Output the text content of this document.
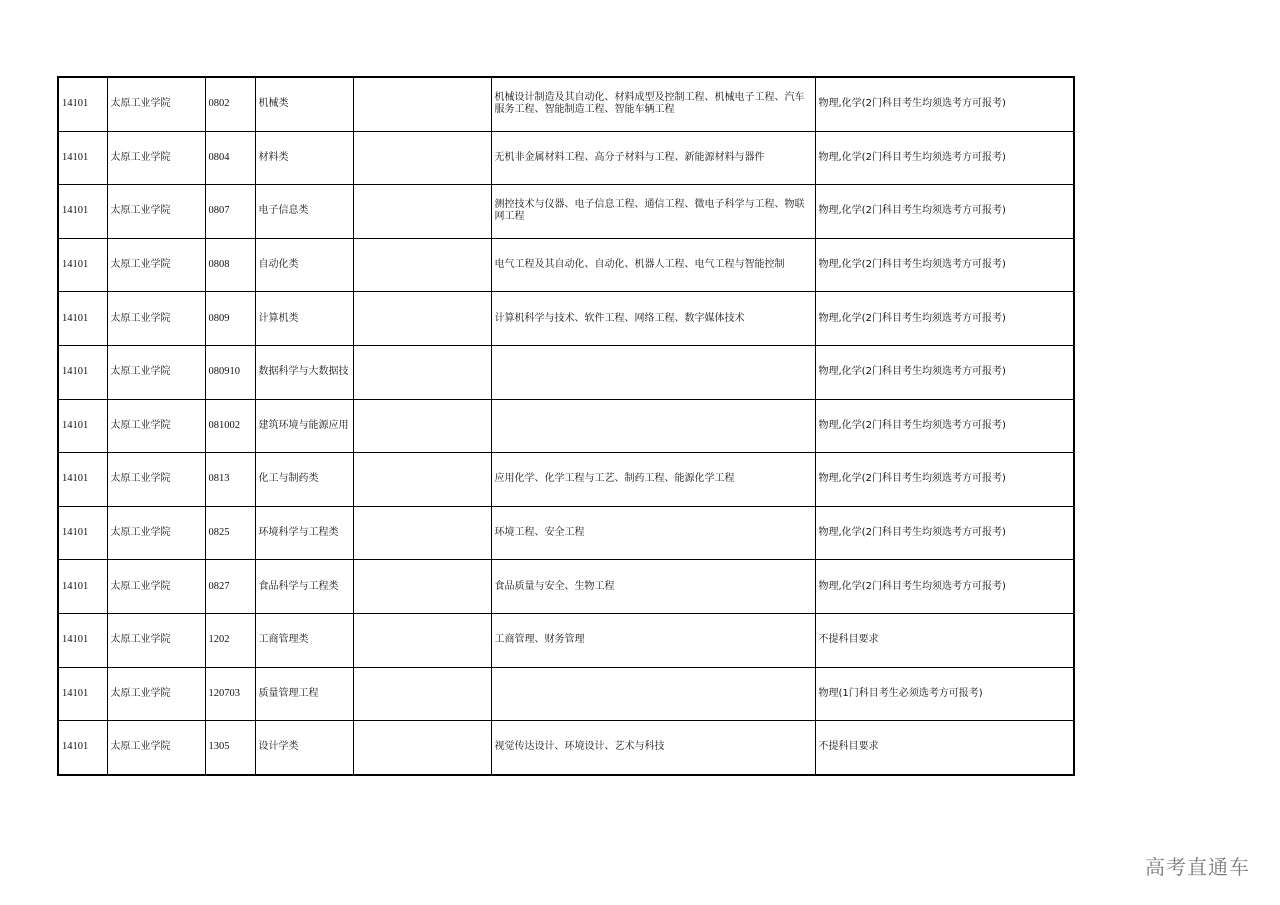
14101	太原工业学院	0802	机械类		机械设计制造及其自动化、材料成型及控制工程、机械电子工程、汽车服务工程、智能制造工程、智能车辆工程	物理,化学(2门科目考生均须选考方可报考)
14101	太原工业学院	0804	材料类		无机非金属材料工程、高分子材料与工程、新能源材料与器件	物理,化学(2门科目考生均须选考方可报考)
14101	太原工业学院	0807	电子信息类		测控技术与仪器、电子信息工程、通信工程、微电子科学与工程、物联网工程	物理,化学(2门科目考生均须选考方可报考)
14101	太原工业学院	0808	自动化类		电气工程及其自动化、自动化、机器人工程、电气工程与智能控制	物理,化学(2门科目考生均须选考方可报考)
14101	太原工业学院	0809	计算机类		计算机科学与技术、软件工程、网络工程、数字媒体技术	物理,化学(2门科目考生均须选考方可报考)
14101	太原工业学院	080910	数据科学与大数据技			物理,化学(2门科目考生均须选考方可报考)
14101	太原工业学院	081002	建筑环境与能源应用			物理,化学(2门科目考生均须选考方可报考)
14101	太原工业学院	0813	化工与制药类		应用化学、化学工程与工艺、制药工程、能源化学工程	物理,化学(2门科目考生均须选考方可报考)
14101	太原工业学院	0825	环境科学与工程类		环境工程、安全工程	物理,化学(2门科目考生均须选考方可报考)
14101	太原工业学院	0827	食品科学与工程类		食品质量与安全、生物工程	物理,化学(2门科目考生均须选考方可报考)
14101	太原工业学院	1202	工商管理类		工商管理、财务管理	不提科目要求
14101	太原工业学院	120703	质量管理工程			物理(1门科目考生必须选考方可报考)
14101	太原工业学院	1305	设计学类		视觉传达设计、环境设计、艺术与科技	不提科目要求
高考直通车
